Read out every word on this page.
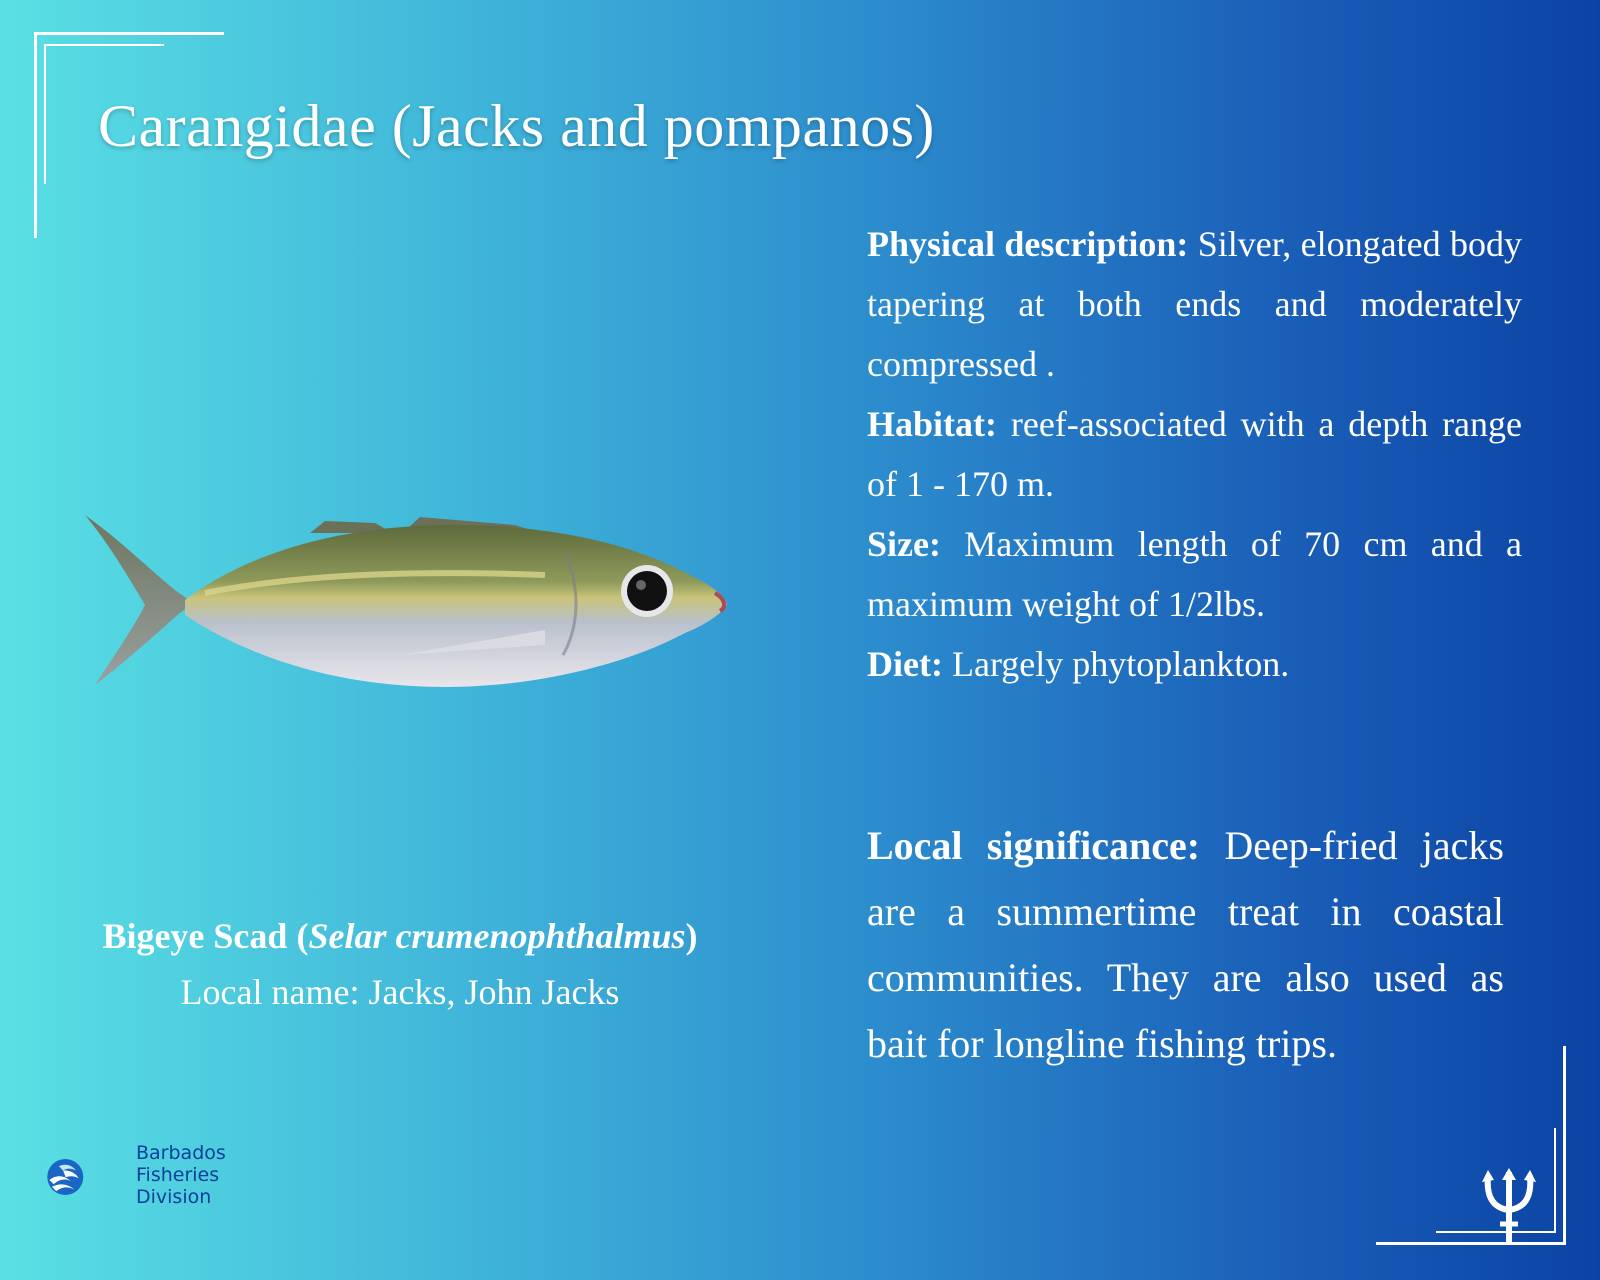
Carangidae (Jacks and pompanos)
Bigeye Scad (Selar crumenophthalmus)
Local name: Jacks, John Jacks

Physical description: Silver, elongated body tapering at both ends and moderately compressed .

Habitat: reef-associated with a depth range of 1 - 170 m.

Size: Maximum length of 70 cm and a maximum weight of 1/2lbs.

Diet: Largely phytoplankton.

Local significance: Deep-fried jacks are a summertime treat in coastal communities. They are also used as bait for longline fishing trips.
Barbados
Fisheries
Division
